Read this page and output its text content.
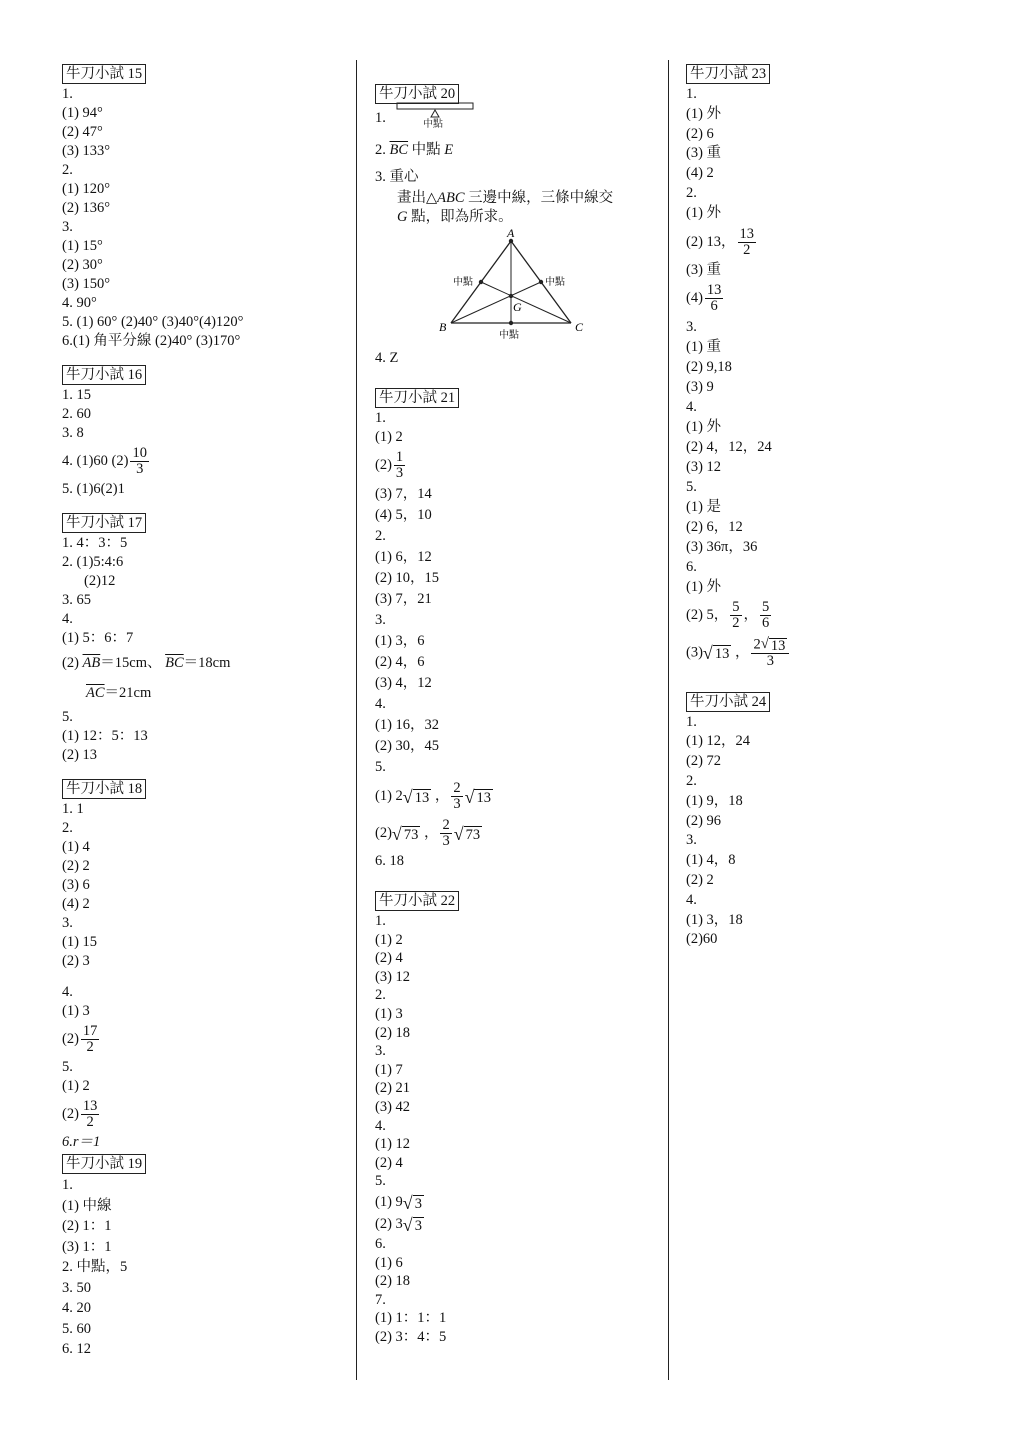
牛刀小試 15
1.
(1) 94°
(2) 47°
(3) 133°
2.
(1) 120°
(2) 136°
3.
(1) 15°
(2) 30°
(3) 150°
4. 90°
5. (1) 60° (2)40° (3)40°(4)120°
6.(1) 角平分線 (2)40° (3)170°
牛刀小試 16
1. 15
2. 60
3. 8
4. (1)60 $(2) \frac{10}{3}$
5. (1)6(2)1
牛刀小試 17
1. 4：3：5
2. (1)5:4:6
(2)12
3. 65
4.
(1) 5：6：7
(2) $\overline{AB}=15cm$、 $\overline{BC}=18cm$
$\overline{AC}=21cm$
5.
(1) 12：5：13
(2) 13
牛刀小試 18
1. 1
2.
(1) 4
(2) 2
(3) 6
(4) 2
3.
(1) 15
(2) 3
4.
(1) 3
$(2) \frac{17}{2}$
5.
(1) 2
$(2) \frac{13}{2}$
6.r＝1
牛刀小試 19
1.
(1) 中線
(2) 1：1
(3) 1：1
2. 中點，5
3. 50
4. 20
5. 60
6. 12
牛刀小試 20
1.	中點
2. $\overline{BC}$ 中點 E
3. 重心
畫出△ABC 三邊中線，三條中線交
G 點，即為所求。
A
B	C
G
中點	中點
中點
4. Z
牛刀小試 21
1.
(1) 2
$(2) \frac{1}{3}$
(3) 7，14
(4) 5，10
2.
(1) 6，12
(2) 10，15
(3) 7，21
3.
(1) 3，6
(2) 4，6
(3) 4，12
4.
(1) 16，32
(2) 30，45
5.
(1) 2 √ 13 ， $\frac{2}{3}$ √ 13
(2) √ 73 ， $\frac{2}{3}$ √ 73
6. 18
牛刀小試 22
1.
(1) 2
(2) 4
(3) 12
2.
(1) 3
(2) 18
3.
(1) 7
(2) 21
(3) 42
4.
(1) 12
(2) 4
5.
(1) 9 √ 3
(2) 3 √ 3
6.
(1) 6
(2) 18
7.
(1) 1：1：1
(2) 3：4：5
牛刀小試 23
1.
(1) 外
(2) 6
(3) 重
(4) 2
2.
(1) 外
(2) 13， $\frac{13}{2}$
(3) 重
$(4) \frac{13}{6}$
3.
(1) 重
(2) 9,18
(3) 9
4.
(1) 外
(2) 4，12，24
(3) 12
5.
(1) 是
(2) 6，12
(3) 36π，36
6.
(1) 外
(2) 5， $\frac{5}{2}$ ， $\frac{5}{6}$
(3) √ 13 ， $\frac{2 √ 13}{3}$
牛刀小試 24
1.
(1) 12，24
(2) 72
2.
(1) 9，18
(2) 96
3.
(1) 4，8
(2) 2
4.
(1) 3，18
(2)60
